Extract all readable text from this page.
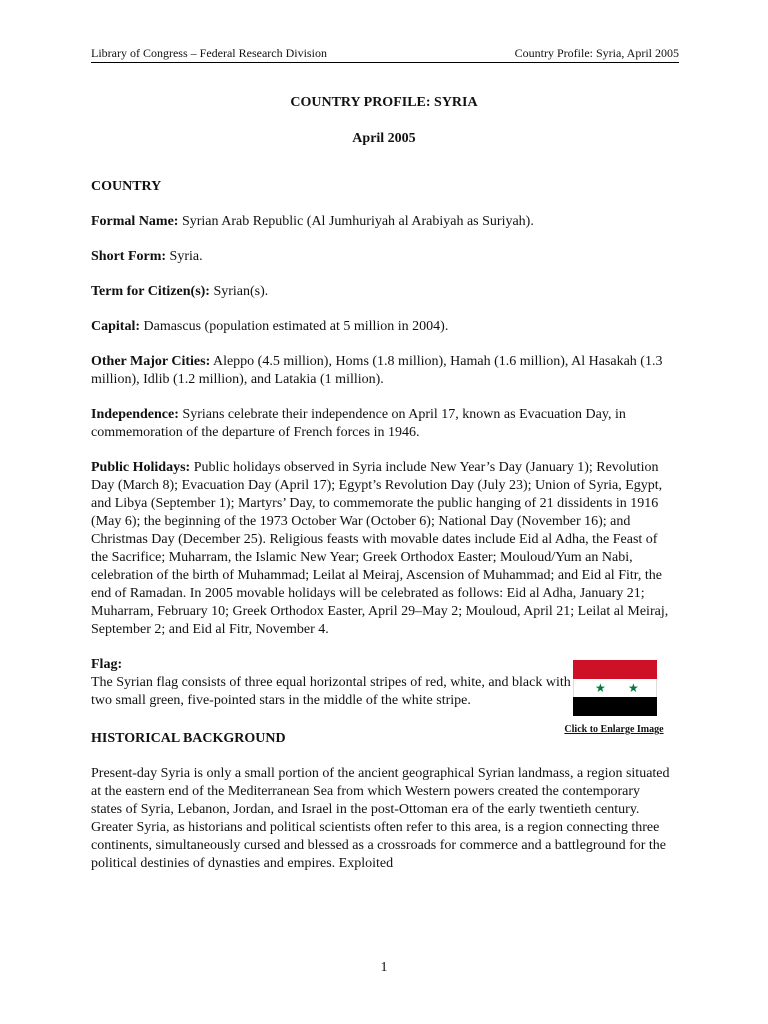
Library of Congress – Federal Research Division	Country Profile: Syria, April 2005
COUNTRY PROFILE: SYRIA
April 2005

COUNTRY

Formal Name: Syrian Arab Republic (Al Jumhuriyah al Arabiyah as Suriyah).

Short Form: Syria.

Term for Citizen(s): Syrian(s).

Capital: Damascus (population estimated at 5 million in 2004).

Other Major Cities: Aleppo (4.5 million), Homs (1.8 million), Hamah (1.6 million), Al Hasakah (1.3 million), Idlib (1.2 million), and Latakia (1 million).

Independence: Syrians celebrate their independence on April 17, known as Evacuation Day, in commemoration of the departure of French forces in 1946.

Public Holidays: Public holidays observed in Syria include New Year’s Day (January 1); Revolution Day (March 8); Evacuation Day (April 17); Egypt’s Revolution Day (July 23); Union of Syria, Egypt, and Libya (September 1); Martyrs’ Day, to commemorate the public hanging of 21 dissidents in 1916 (May 6); the beginning of the 1973 October War (October 6); National Day (November 16); and Christmas Day (December 25). Religious feasts with movable dates include Eid al Adha, the Feast of the Sacrifice; Muharram, the Islamic New Year; Greek Orthodox Easter; Mouloud/Yum an Nabi, celebration of the birth of Muhammad; Leilat al Meiraj, Ascension of Muhammad; and Eid al Fitr, the end of Ramadan. In 2005 movable holidays will be celebrated as follows: Eid al Adha, January 21; Muharram, February 10; Greek Orthodox Easter, April 29–May 2; Mouloud, April 21; Leilat al Meiraj, September 2; and Eid al Fitr, November 4.

Flag:
The Syrian flag consists of three equal horizontal stripes of red, white, and black with two small green, five-pointed stars in the middle of the white stripe.
★ ★
Click to Enlarge Image

HISTORICAL BACKGROUND

Present-day Syria is only a small portion of the ancient geographical Syrian landmass, a region situated at the eastern end of the Mediterranean Sea from which Western powers created the contemporary states of Syria, Lebanon, Jordan, and Israel in the post-Ottoman era of the early twentieth century. Greater Syria, as historians and political scientists often refer to this area, is a region connecting three continents, simultaneously cursed and blessed as a crossroads for commerce and a battleground for the political destinies of dynasties and empires. Exploited

1
